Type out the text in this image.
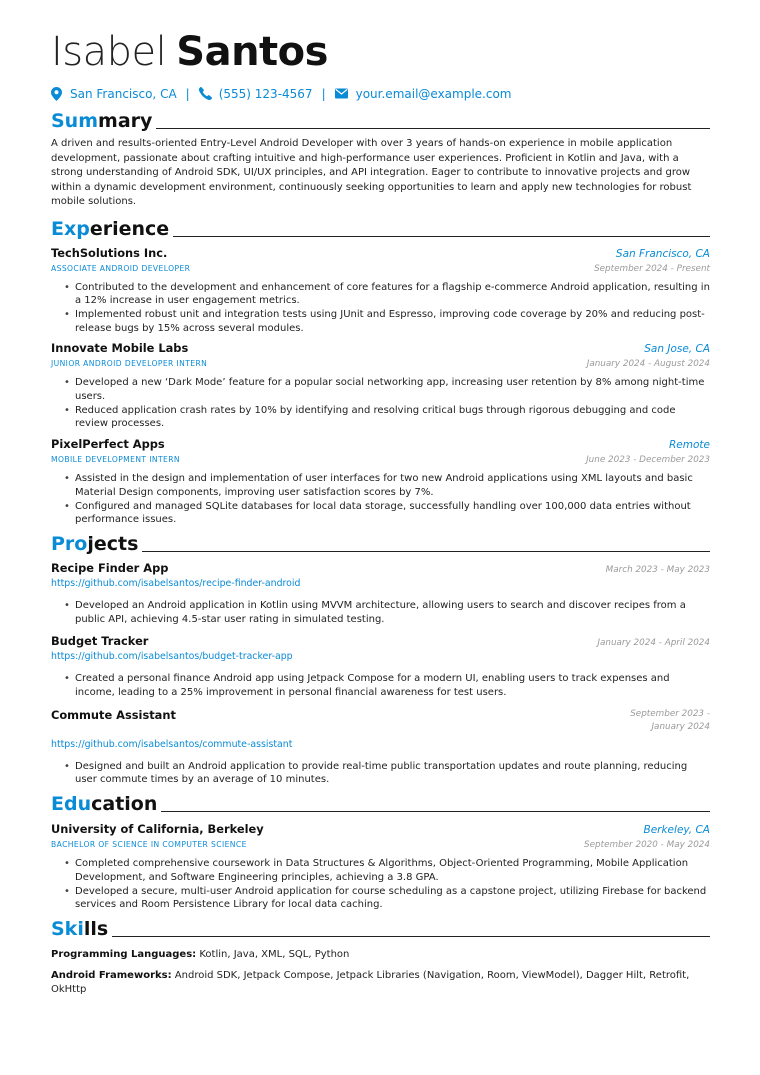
Isabel Santos
San Francisco, CA | (555) 123-4567 |	your.email@example.com
Sum mary

A driven and results-oriented Entry-Level Android Developer with over 3 years of hands-on experience in mobile application development, passionate about crafting intuitive and high-performance user experiences. Proficient in Kotlin and Java, with a strong understanding of Android SDK, UI/UX principles, and API integration. Eager to contribute to innovative projects and grow within a dynamic development environment, continuously seeking opportunities to learn and apply new technologies for robust mobile solutions.

Exp erience
TechSolutions Inc.	San Francisco, CA
ASSOCIATE ANDROID DEVELOPER	September 2024 - Present
• Contributed to the development and enhancement of core features for a flagship e-commerce Android application, resulting in a 12% increase in user engagement metrics.
• Implemented robust unit and integration tests using JUnit and Espresso, improving code coverage by 20% and reducing post-release bugs by 15% across several modules.
Innovate Mobile Labs	San Jose, CA
JUNIOR ANDROID DEVELOPER INTERN	January 2024 - August 2024
• Developed a new ‘Dark Mode’ feature for a popular social networking app, increasing user retention by 8% among night-time users.
• Reduced application crash rates by 10% by identifying and resolving critical bugs through rigorous debugging and code review processes.
PixelPerfect Apps	Remote
MOBILE DEVELOPMENT INTERN	June 2023 - December 2023
• Assisted in the design and implementation of user interfaces for two new Android applications using XML layouts and basic Material Design components, improving user satisfaction scores by 7%.
• Configured and managed SQLite databases for local data storage, successfully handling over 100,000 data entries without performance issues.
Pro jects
Recipe Finder App	March 2023 - May 2023
https://github.com/isabelsantos/recipe-finder-android
• Developed an Android application in Kotlin using MVVM architecture, allowing users to search and discover recipes from a public API, achieving 4.5-star user rating in simulated testing.
Budget Tracker	January 2024 - April 2024
https://github.com/isabelsantos/budget-tracker-app
• Created a personal finance Android app using Jetpack Compose for a modern UI, enabling users to track expenses and income, leading to a 25% improvement in personal financial awareness for test users.
Commute Assistant	September 2023 - January 2024
https://github.com/isabelsantos/commute-assistant
• Designed and built an Android application to provide real-time public transportation updates and route planning, reducing user commute times by an average of 10 minutes.
Edu cation
University of California, Berkeley	Berkeley, CA
BACHELOR OF SCIENCE IN COMPUTER SCIENCE	September 2020 - May 2024
• Completed comprehensive coursework in Data Structures & Algorithms, Object-Oriented Programming, Mobile Application Development, and Software Engineering principles, achieving a 3.8 GPA.
• Developed a secure, multi-user Android application for course scheduling as a capstone project, utilizing Firebase for backend services and Room Persistence Library for local data caching.
Ski lls

Programming Languages: Kotlin, Java, XML, SQL, Python

Android Frameworks: Android SDK, Jetpack Compose, Jetpack Libraries (Navigation, Room, ViewModel), Dagger Hilt, Retrofit, OkHttp
